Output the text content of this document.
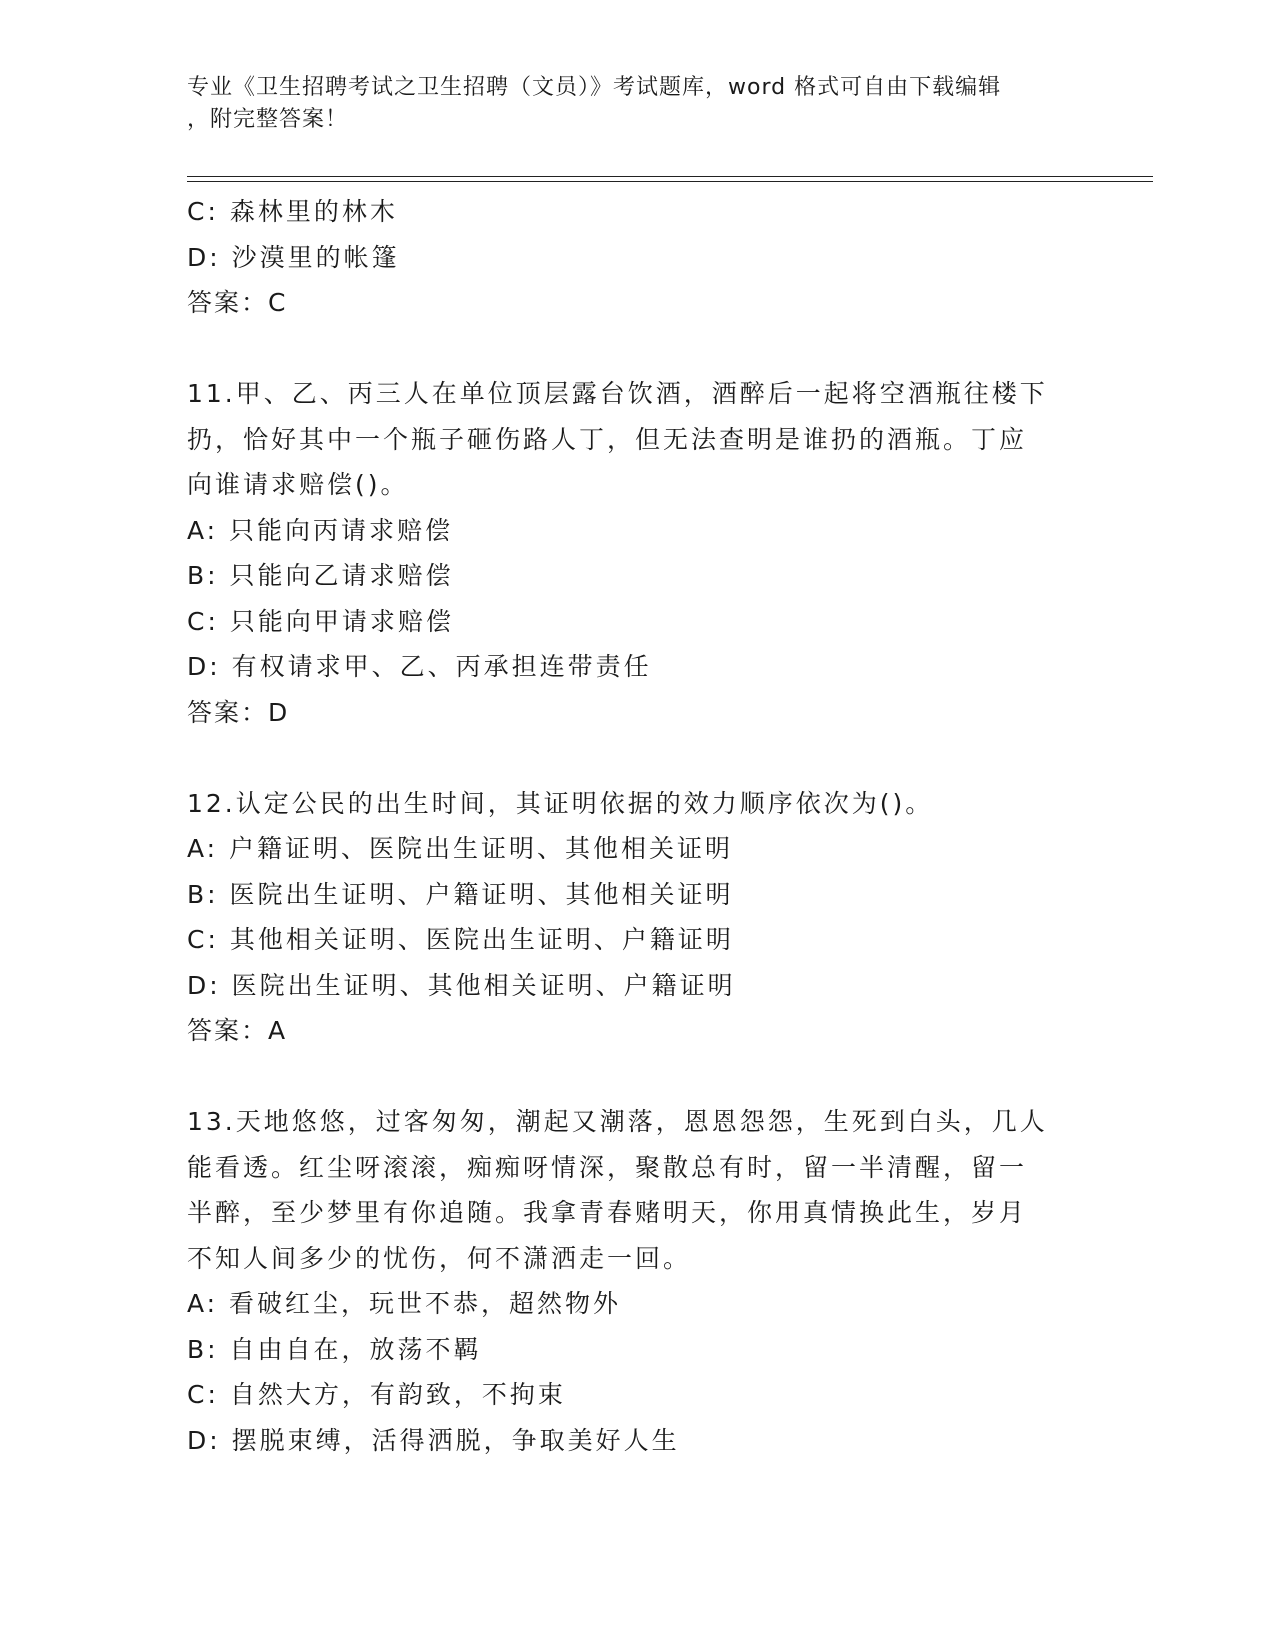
专业《卫生招聘考试之卫生招聘（文员）》考试题库，word 格式可自由下载编辑
，附完整答案！
C: 森林里的林木
D: 沙漠里的帐篷
答案：C
11.甲、乙、丙三人在单位顶层露台饮酒，酒醉后一起将空酒瓶往楼下
扔，恰好其中一个瓶子砸伤路人丁，但无法查明是谁扔的酒瓶。丁应
向谁请求赔偿()。
A: 只能向丙请求赔偿
B: 只能向乙请求赔偿
C: 只能向甲请求赔偿
D: 有权请求甲、乙、丙承担连带责任
答案：D
12.认定公民的出生时间，其证明依据的效力顺序依次为()。
A: 户籍证明、医院出生证明、其他相关证明
B: 医院出生证明、户籍证明、其他相关证明
C: 其他相关证明、医院出生证明、户籍证明
D: 医院出生证明、其他相关证明、户籍证明
答案：A
13.天地悠悠，过客匆匆，潮起又潮落，恩恩怨怨，生死到白头，几人
能看透。红尘呀滚滚，痴痴呀情深，聚散总有时，留一半清醒，留一
半醉，至少梦里有你追随。我拿青春赌明天，你用真情换此生，岁月
不知人间多少的忧伤，何不潇洒走一回。
A: 看破红尘，玩世不恭，超然物外
B: 自由自在，放荡不羁
C: 自然大方，有韵致，不拘束
D: 摆脱束缚，活得洒脱，争取美好人生
